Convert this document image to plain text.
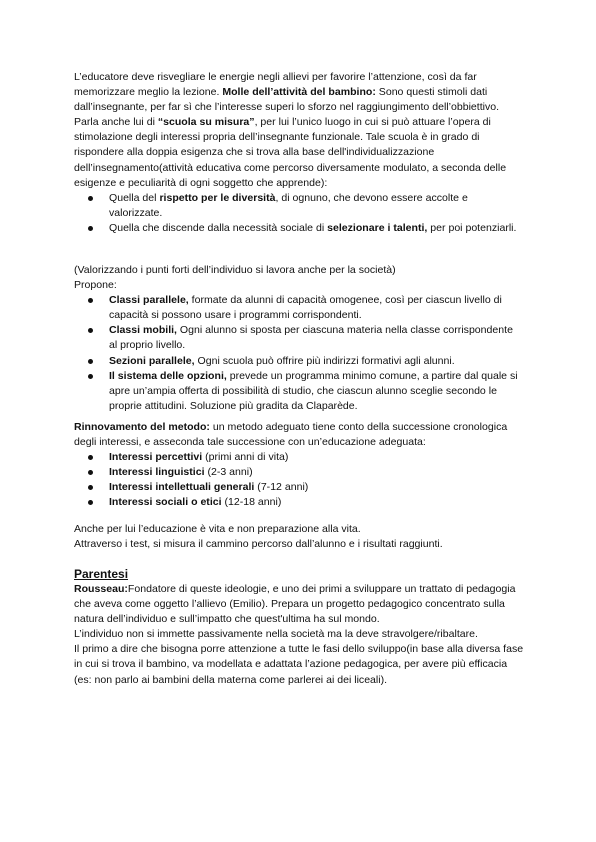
L’educatore deve risvegliare le energie negli allievi per favorire l’attenzione, così da far memorizzare meglio la lezione. Molle dell’attività del bambino: Sono questi stimoli dati dall’insegnante, per far sì che l’interesse superi lo sforzo nel raggiungimento dell’obbiettivo. Parla anche lui di “scuola su misura”, per lui l’unico luogo in cui si può attuare l’opera di stimolazione degli interessi propria dell’insegnante funzionale. Tale scuola è in grado di rispondere alla doppia esigenza che si trova alla base dell'individualizzazione dell’insegnamento(attività educativa come percorso diversamente modulato, a seconda delle esigenze e peculiarità di ogni soggetto che apprende):

Quella del rispetto per le diversità, di ognuno, che devono essere accolte e valorizzate.
Quella che discende dalla necessità sociale di selezionare i talenti, per poi potenziarli.

(Valorizzando i punti forti dell’individuo si lavora anche per la società)

Propone:

Classi parallele, formate da alunni di capacità omogenee, così per ciascun livello di capacità si possono usare i programmi corrispondenti.
Classi mobili, Ogni alunno si sposta per ciascuna materia nella classe corrispondente al proprio livello.
Sezioni parallele, Ogni scuola può offrire più indirizzi formativi agli alunni.
Il sistema delle opzioni, prevede un programma minimo comune, a partire dal quale si apre un’ampia offerta di possibilità di studio, che ciascun alunno sceglie secondo le proprie attitudini. Soluzione più gradita da Claparède.

Rinnovamento del metodo: un metodo adeguato tiene conto della successione cronologica degli interessi, e asseconda tale successione con un’educazione adeguata:

Interessi percettivi (primi anni di vita)
Interessi linguistici (2-3 anni)
Interessi intellettuali generali (7-12 anni)
Interessi sociali o etici (12-18 anni)

Anche per lui l’educazione è vita e non preparazione alla vita.

Attraverso i test, si misura il cammino percorso dall’alunno e i risultati raggiunti.

Parentesi

Rousseau:Fondatore di queste ideologie, e uno dei primi a sviluppare un trattato di pedagogia che aveva come oggetto l’allievo (Emilio). Prepara un progetto pedagogico concentrato sulla natura dell’individuo e sull’impatto che quest'ultima ha sul mondo.

L’individuo non si immette passivamente nella società ma la deve stravolgere/ribaltare.

Il primo a dire che bisogna porre attenzione a tutte le fasi dello sviluppo(in base alla diversa fase in cui si trova il bambino, va modellata e adattata l’azione pedagogica, per avere più efficacia (es: non parlo ai bambini della materna come parlerei ai dei liceali).
